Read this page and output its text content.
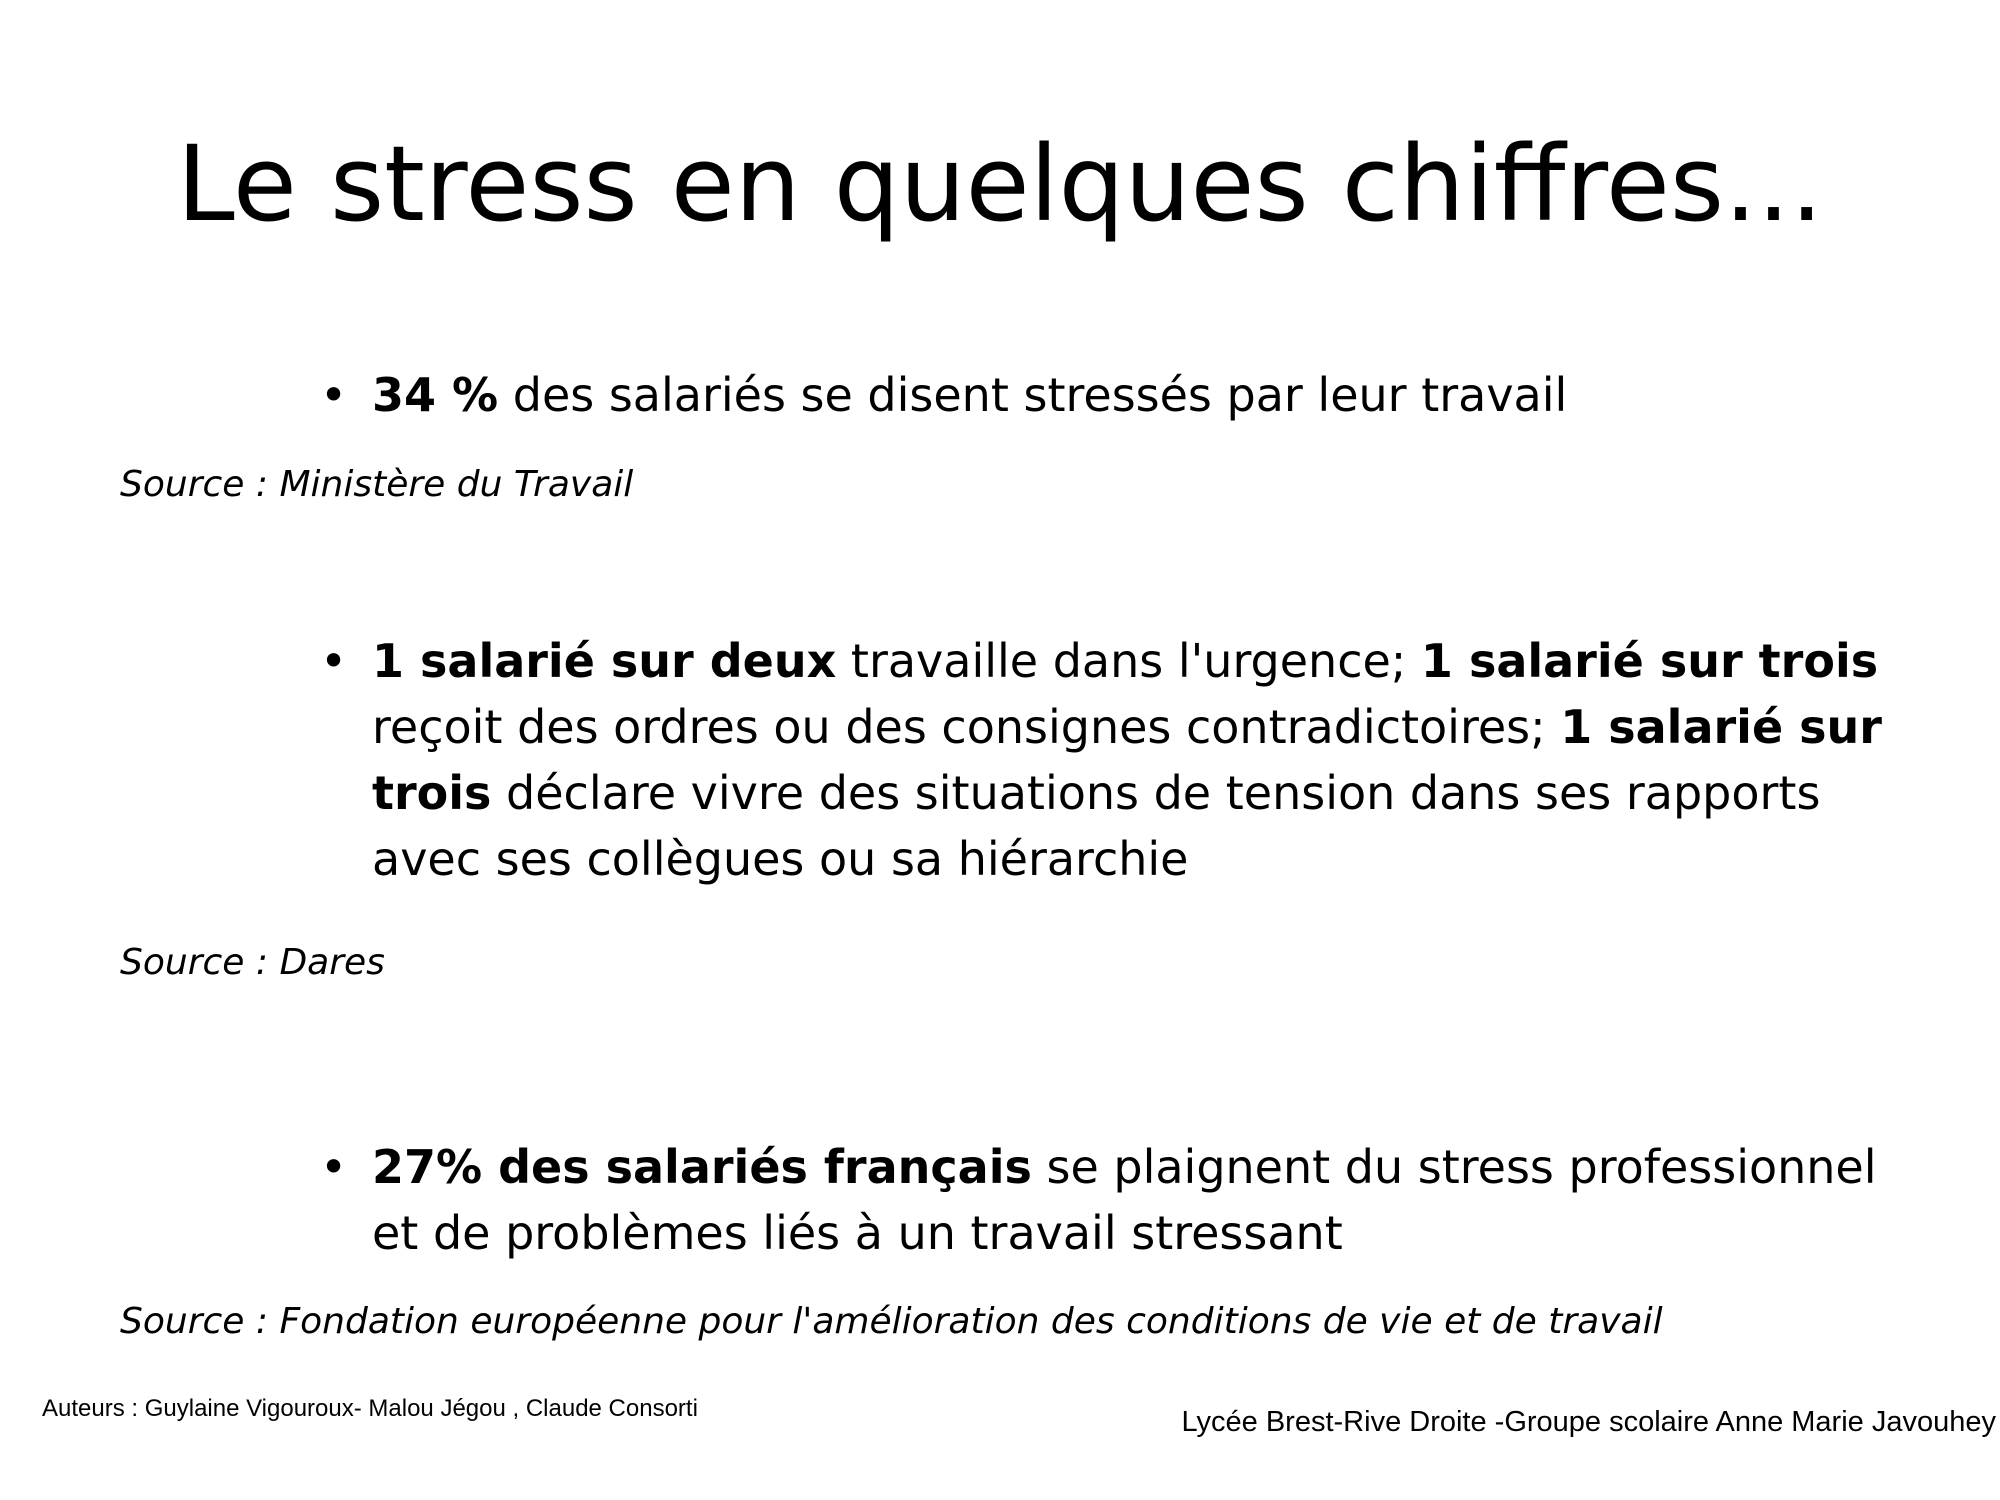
Le stress en quelques chiffres...
• 34 % des salariés se disent stressés par leur travail
Source : Ministère du Travail
• 1 salarié sur deux travaille dans l'urgence; 1 salarié sur trois reçoit des ordres ou des consignes contradictoires; 1 salarié sur trois déclare vivre des situations de tension dans ses rapports avec ses collègues ou sa hiérarchie
Source : Dares
• 27% des salariés français se plaignent du stress professionnel et de problèmes liés à un travail stressant
Source : Fondation européenne pour l'amélioration des conditions de vie et de travail
Auteurs : Guylaine Vigouroux- Malou Jégou , Claude Consorti	Lycée Brest-Rive Droite -Groupe scolaire Anne Marie Javouhey
